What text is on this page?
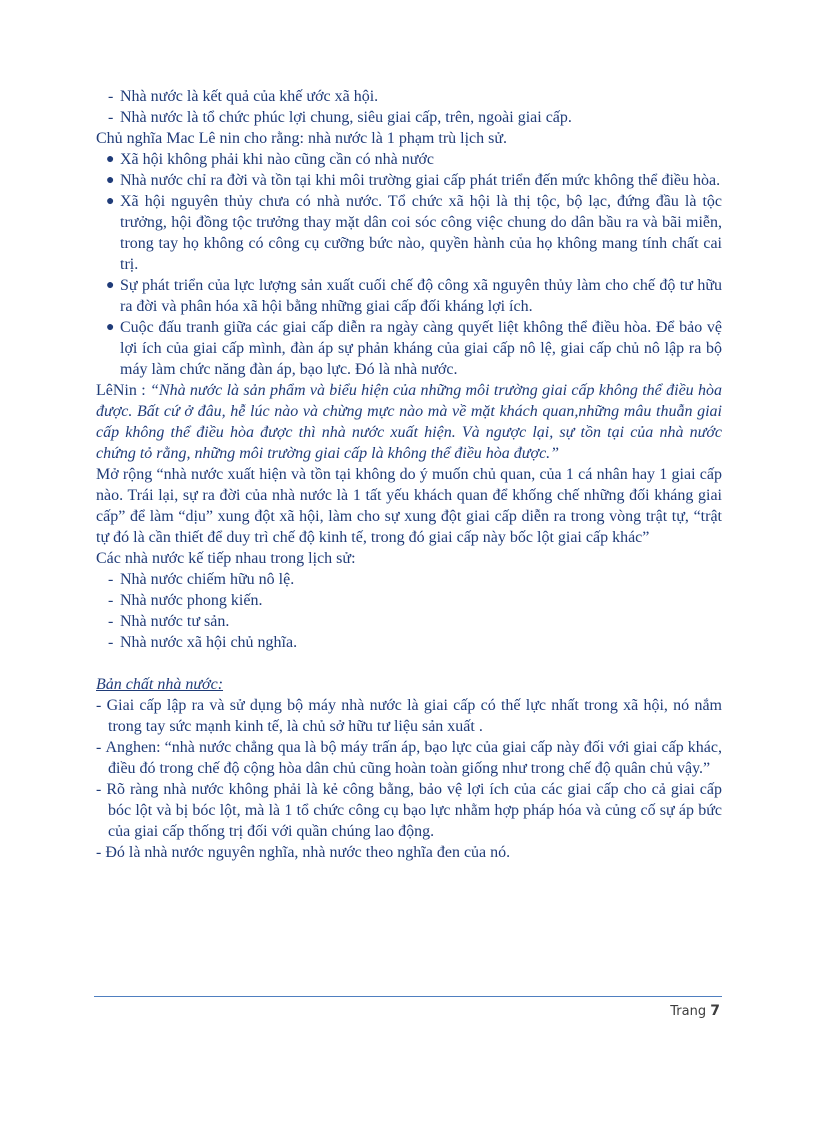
- Nhà nước là kết quả của khế ước xã hội.

- Nhà nước là tổ chức phúc lợi chung, siêu giai cấp, trên, ngoài giai cấp.

Chủ nghĩa Mac Lê nin cho rằng: nhà nước là 1 phạm trù lịch sử.

● Xã hội không phải khi nào cũng cần có nhà nước
● Nhà nước chỉ ra đời và tồn tại khi môi trường giai cấp phát triển đến mức không thể điều hòa.
● Xã hội nguyên thủy chưa có nhà nước. Tổ chức xã hội là thị tộc, bộ lạc, đứng đầu là tộc trưởng, hội đồng tộc trưởng thay mặt dân coi sóc công việc chung do dân bầu ra và bãi miễn, trong tay họ không có công cụ cưỡng bức nào, quyền hành của họ không mang tính chất cai trị.
● Sự phát triển của lực lượng sản xuất cuối chế độ công xã nguyên thủy làm cho chế độ tư hữu ra đời và phân hóa xã hội bằng những giai cấp đối kháng lợi ích.
● Cuộc đấu tranh giữa các giai cấp diễn ra ngày càng quyết liệt không thể điều hòa. Để bảo vệ lợi ích của giai cấp mình, đàn áp sự phản kháng của giai cấp nô lệ, giai cấp chủ nô lập ra bộ máy làm chức năng đàn áp, bạo lực. Đó là nhà nước.

LêNin : “Nhà nước là sản phẩm và biểu hiện của những môi trường giai cấp không thể điều hòa được. Bất cứ ở đâu, hễ lúc nào và chừng mực nào mà về mặt khách quan,những mâu thuẫn giai cấp không thể điều hòa được thì nhà nước xuất hiện. Và ngược lại, sự tồn tại của nhà nước chứng tỏ rằng, những môi trường giai cấp là không thể điều hòa được.”

Mở rộng “nhà nước xuất hiện và tồn tại không do ý muốn chủ quan, của 1 cá nhân hay 1 giai cấp nào. Trái lại, sự ra đời của nhà nước là 1 tất yếu khách quan để khống chế những đối kháng giai cấp” để làm “dịu” xung đột xã hội, làm cho sự xung đột giai cấp diễn ra trong vòng trật tự, “trật tự đó là cần thiết để duy trì chế độ kinh tế, trong đó giai cấp này bốc lột giai cấp khác”

Các nhà nước kế tiếp nhau trong lịch sử:

- Nhà nước chiếm hữu nô lệ.

- Nhà nước phong kiến.

- Nhà nước tư sản.

- Nhà nước xã hội chủ nghĩa.

Bản chất nhà nước:

- Giai cấp lập ra và sử dụng bộ máy nhà nước là giai cấp có thế lực nhất trong xã hội, nó nắm trong tay sức mạnh kinh tế, là chủ sở hữu tư liệu sản xuất .

- Anghen: “nhà nước chẳng qua là bộ máy trấn áp, bạo lực của giai cấp này đối với giai cấp khác, điều đó trong chế độ cộng hòa dân chủ cũng hoàn toàn giống như trong chế độ quân chủ vậy.”

- Rõ ràng nhà nước không phải là kẻ công bằng, bảo vệ lợi ích của các giai cấp cho cả giai cấp bóc lột và bị bóc lột, mà là 1 tổ chức công cụ bạo lực nhằm hợp pháp hóa và củng cố sự áp bức của giai cấp thống trị đối với quần chúng lao động.

- Đó là nhà nước nguyên nghĩa, nhà nước theo nghĩa đen của nó.

Trang 7
